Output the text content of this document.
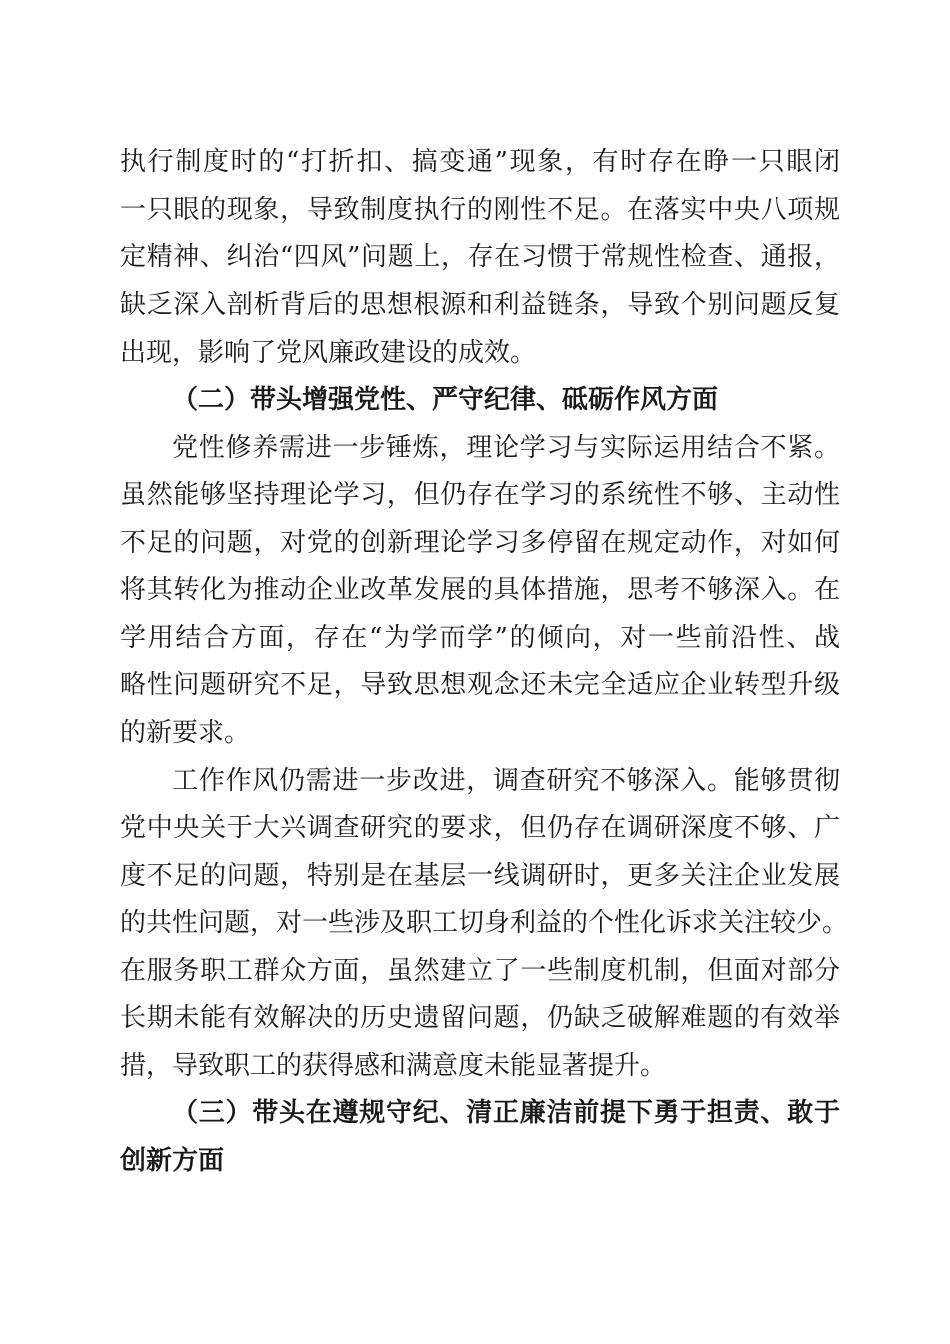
执行制度时的“打折扣、搞变通”现象，有时存在睁一只眼闭
一只眼的现象，导致制度执行的刚性不足。在落实中央八项规
定精神、纠治“四风”问题上，存在习惯于常规性检查、通报，
缺乏深入剖析背后的思想根源和利益链条，导致个别问题反复
出现，影响了党风廉政建设的成效。
（二）带头增强党性、严守纪律、砥砺作风方面
党性修养需进一步锤炼，理论学习与实际运用结合不紧。
虽然能够坚持理论学习，但仍存在学习的系统性不够、主动性
不足的问题，对党的创新理论学习多停留在规定动作，对如何
将其转化为推动企业改革发展的具体措施，思考不够深入。在
学用结合方面，存在“为学而学”的倾向，对一些前沿性、战
略性问题研究不足，导致思想观念还未完全适应企业转型升级
的新要求。
工作作风仍需进一步改进，调查研究不够深入。能够贯彻
党中央关于大兴调查研究的要求，但仍存在调研深度不够、广
度不足的问题，特别是在基层一线调研时，更多关注企业发展
的共性问题，对一些涉及职工切身利益的个性化诉求关注较少。
在服务职工群众方面，虽然建立了一些制度机制，但面对部分
长期未能有效解决的历史遗留问题，仍缺乏破解难题的有效举
措，导致职工的获得感和满意度未能显著提升。
（三）带头在遵规守纪、清正廉洁前提下勇于担责、敢于
创新方面
